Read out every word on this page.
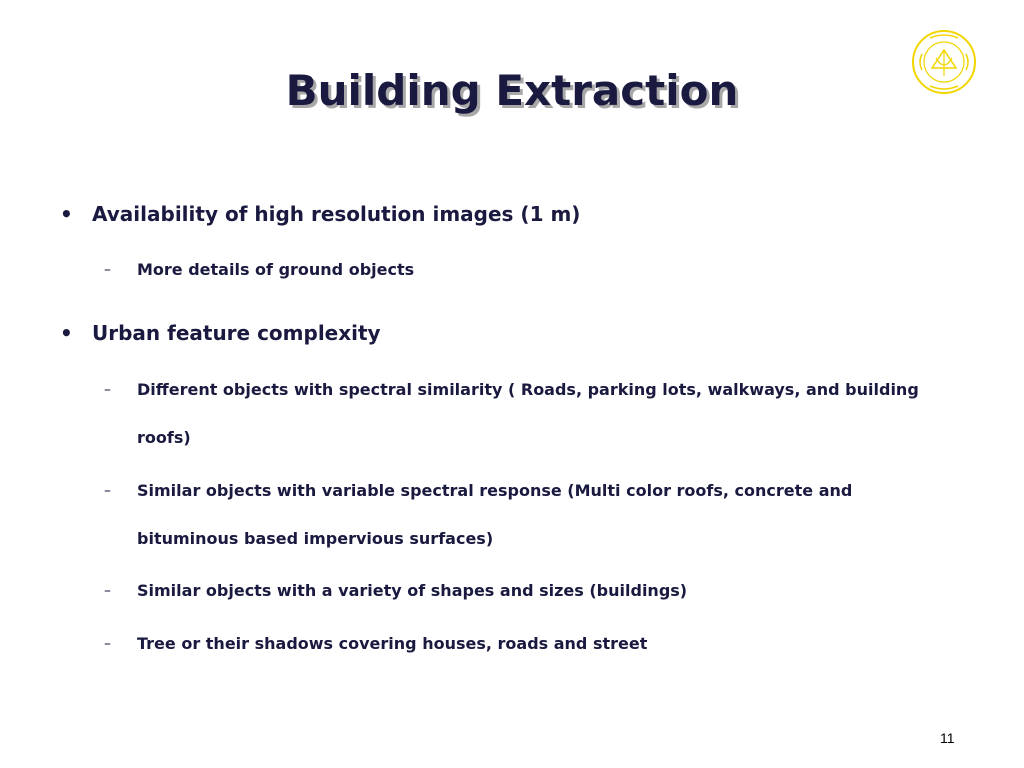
Building Extraction
• Availability of high resolution images (1 m)
–	More details of ground objects
• Urban feature complexity
–	Different objects with spectral similarity ( Roads, parking lots, walkways, and building roofs)
–	Similar objects with variable spectral response (Multi color roofs, concrete and bituminous based impervious surfaces)
–	Similar objects with a variety of shapes and sizes (buildings)
–	Tree or their shadows covering houses, roads and street
11
